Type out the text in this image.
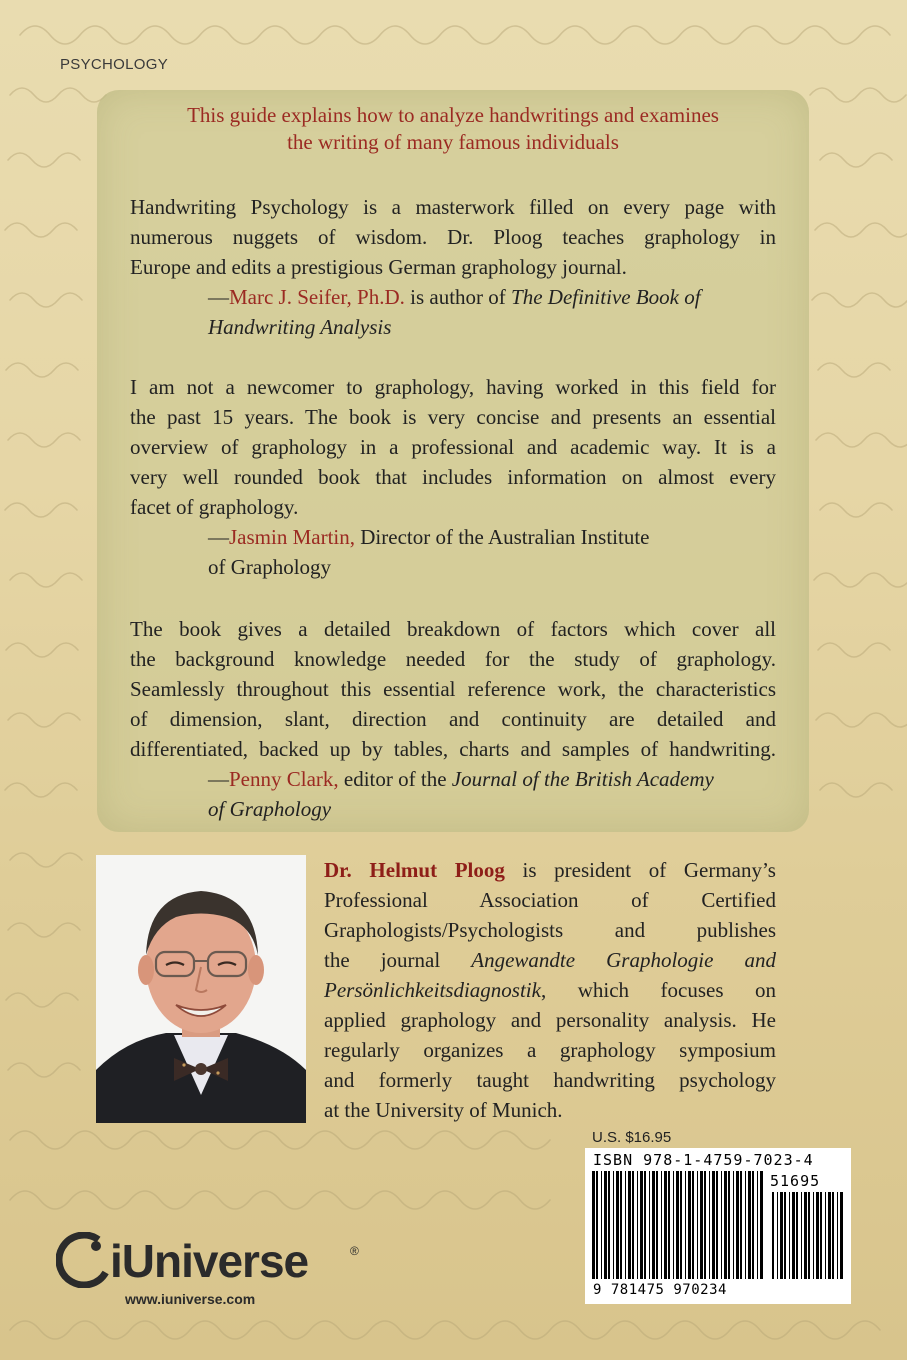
PSYCHOLOGY
This guide explains how to analyze handwritings and examines
the writing of many famous individuals
Handwriting Psychology is a masterwork filled on every page with
numerous nuggets of wisdom. Dr. Ploog teaches graphology in
Europe and edits a prestigious German graphology journal.
—Marc J. Seifer, Ph.D. is author of The Definitive Book of
Handwriting Analysis
I am not a newcomer to graphology, having worked in this field for
the past 15 years. The book is very concise and presents an essential
overview of graphology in a professional and academic way. It is a
very well rounded book that includes information on almost every
facet of graphology.
—Jasmin Martin, Director of the Australian Institute
of Graphology
The book gives a detailed breakdown of factors which cover all
the background knowledge needed for the study of graphology.
Seamlessly throughout this essential reference work, the characteristics
of dimension, slant, direction and continuity are detailed and
differentiated, backed up by tables, charts and samples of handwriting.
—Penny Clark, editor of the Journal of the British Academy
of Graphology
Dr. Helmut Ploog is president of Germany’s
Professional Association of Certified
Graphologists/Psychologists and publishes
the journal Angewandte Graphologie and
Persönlichkeitsdiagnostik, which focuses on
applied graphology and personality analysis. He
regularly organizes a graphology symposium
and formerly taught handwriting psychology
at the University of Munich.
U.S. $16.95
ISBN 978-1-4759-7023-4
51695
9 781475 970234
iUniverse	®
www.iuniverse.com
